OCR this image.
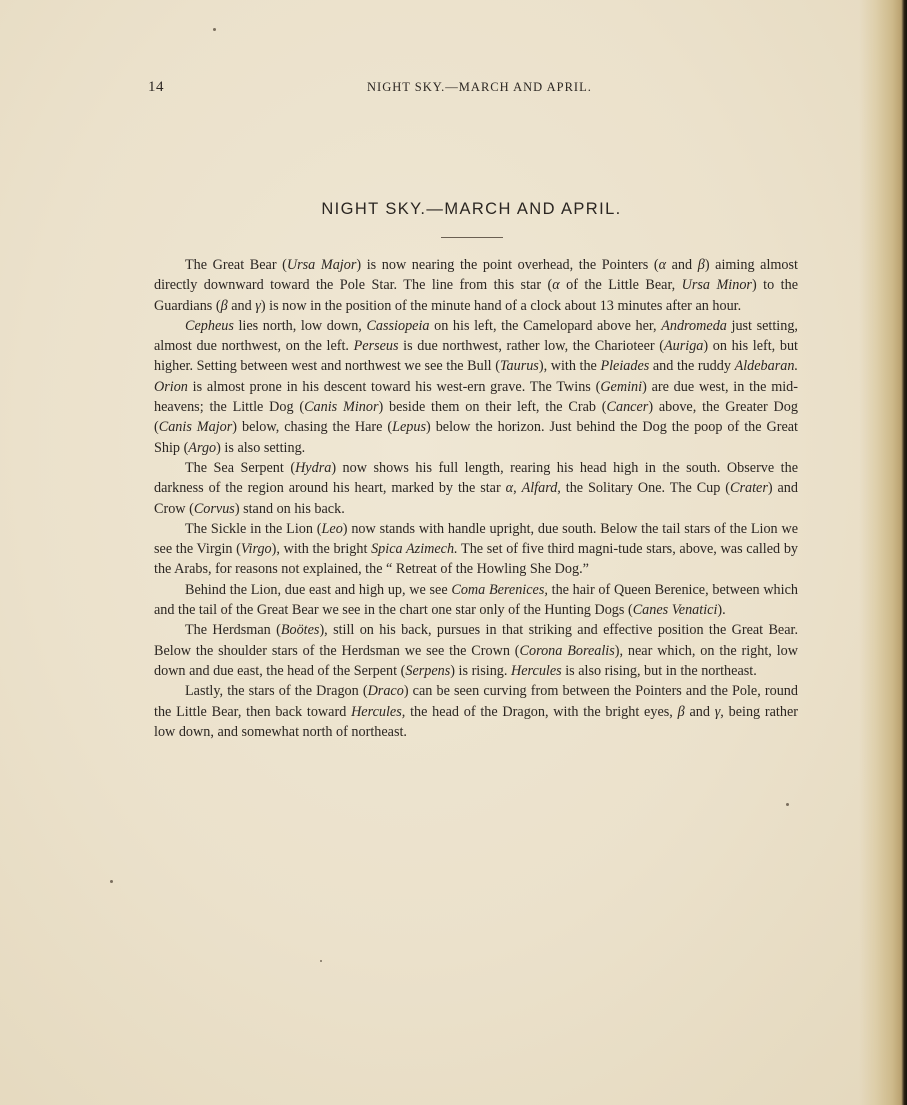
14	NIGHT SKY.—MARCH AND APRIL.
NIGHT SKY.—MARCH AND APRIL.

The Great Bear (Ursa Major) is now nearing the point overhead, the Pointers (α and β) aiming almost directly downward toward the Pole Star. The line from this star (α of the Little Bear, Ursa Minor) to the Guardians (β and γ) is now in the position of the minute hand of a clock about 13 minutes after an hour.

Cepheus lies north, low down, Cassiopeia on his left, the Camelopard above her, Andromeda just setting, almost due northwest, on the left. Perseus is due northwest, rather low, the Charioteer (Auriga) on his left, but higher. Setting between west and northwest we see the Bull (Taurus), with the Pleiades and the ruddy Aldebaran. Orion is almost prone in his descent toward his west-ern grave. The Twins (Gemini) are due west, in the mid-heavens; the Little Dog (Canis Minor) beside them on their left, the Crab (Cancer) above, the Greater Dog (Canis Major) below, chasing the Hare (Lepus) below the horizon. Just behind the Dog the poop of the Great Ship (Argo) is also setting.

The Sea Serpent (Hydra) now shows his full length, rearing his head high in the south. Observe the darkness of the region around his heart, marked by the star α, Alfard, the Solitary One. The Cup (Crater) and Crow (Corvus) stand on his back.

The Sickle in the Lion (Leo) now stands with handle upright, due south. Below the tail stars of the Lion we see the Virgin (Virgo), with the bright Spica Azimech. The set of five third magni-tude stars, above, was called by the Arabs, for reasons not explained, the “ Retreat of the Howling She Dog.”

Behind the Lion, due east and high up, we see Coma Berenices, the hair of Queen Berenice, between which and the tail of the Great Bear we see in the chart one star only of the Hunting Dogs (Canes Venatici).

The Herdsman (Boötes), still on his back, pursues in that striking and effective position the Great Bear. Below the shoulder stars of the Herdsman we see the Crown (Corona Borealis), near which, on the right, low down and due east, the head of the Serpent (Serpens) is rising. Hercules is also rising, but in the northeast.

Lastly, the stars of the Dragon (Draco) can be seen curving from between the Pointers and the Pole, round the Little Bear, then back toward Hercules, the head of the Dragon, with the bright eyes, β and γ, being rather low down, and somewhat north of northeast.
